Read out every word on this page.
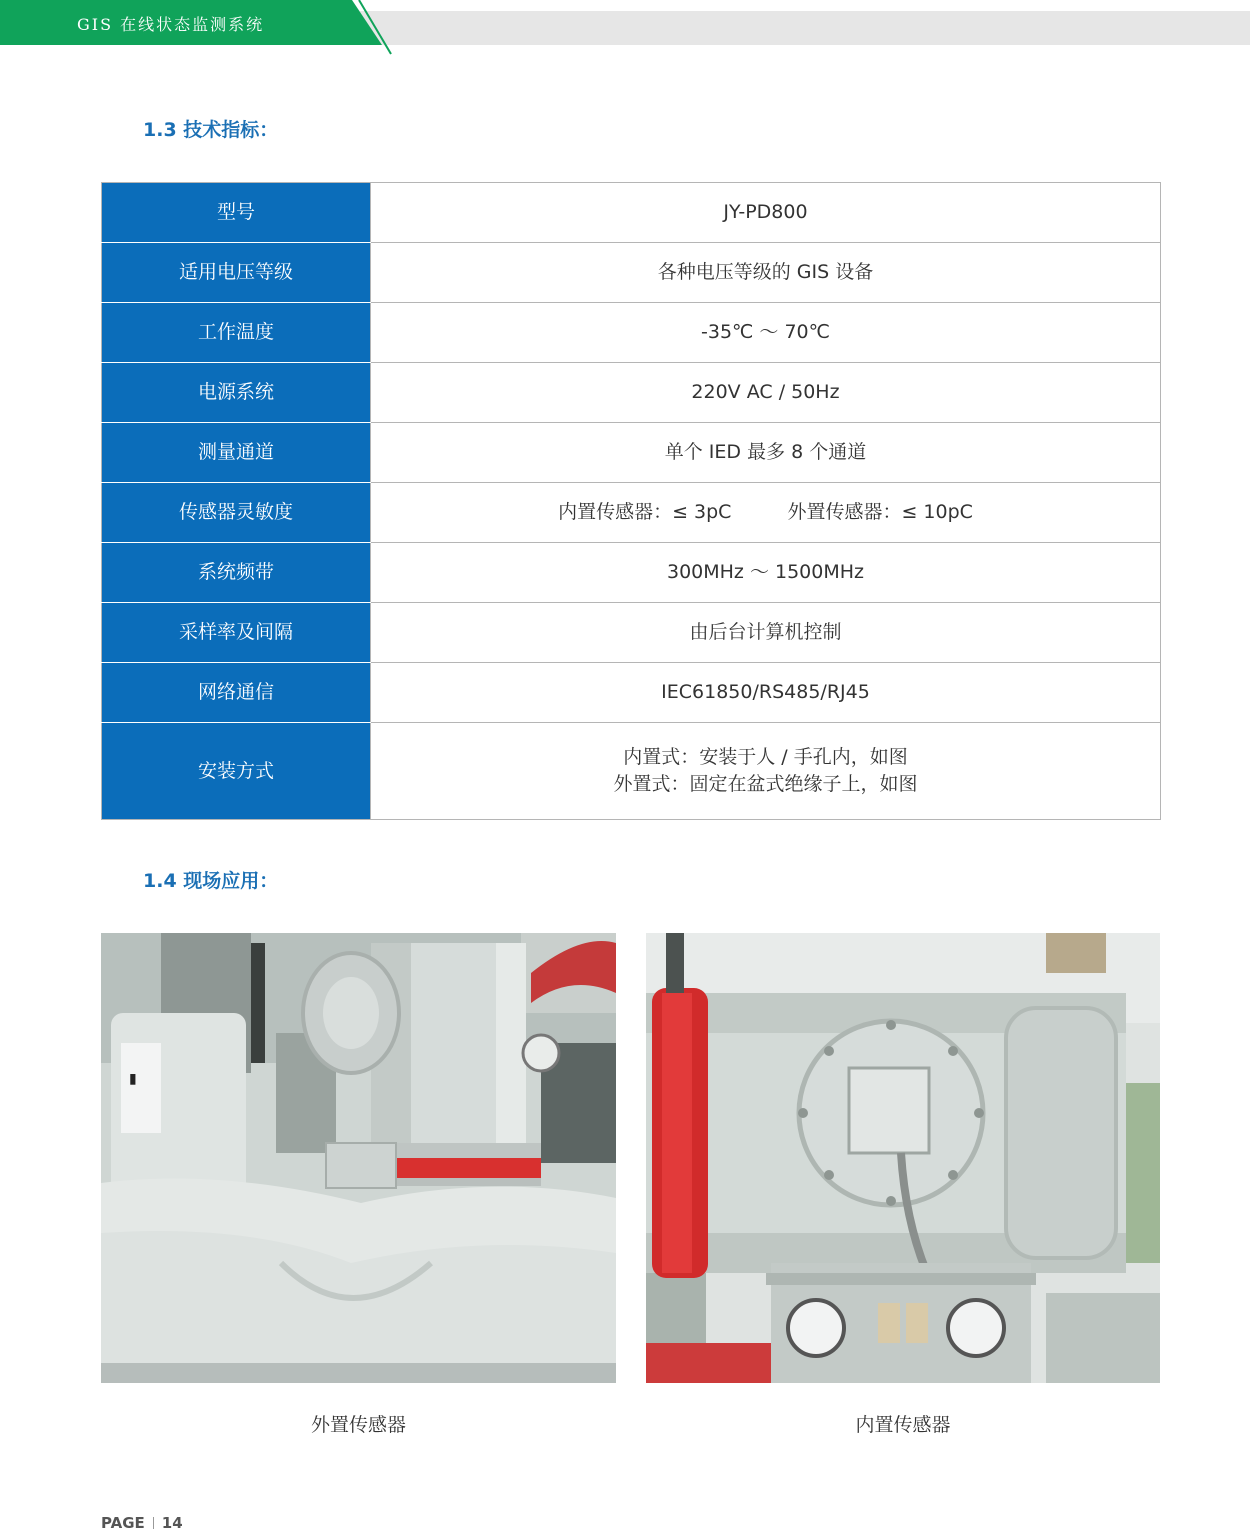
GIS 在线状态监测系统
1.3 技术指标：
型号	JY-PD800
适用电压等级	各种电压等级的 GIS 设备
工作温度	-35℃ ～ 70℃
电源系统	220V AC / 50Hz
测量通道	单个 IED 最多 8 个通道
传感器灵敏度	内置传感器：≤ 3pC 外置传感器：≤ 10pC
系统频带	300MHz ～ 1500MHz
采样率及间隔	由后台计算机控制
网络通信	IEC61850/RS485/RJ45
安装方式	内置式：安装于人 / 手孔内，如图
外置式：固定在盆式绝缘子上，如图
1.4 现场应用：
▮
外置传感器	内置传感器
PAGE 14
